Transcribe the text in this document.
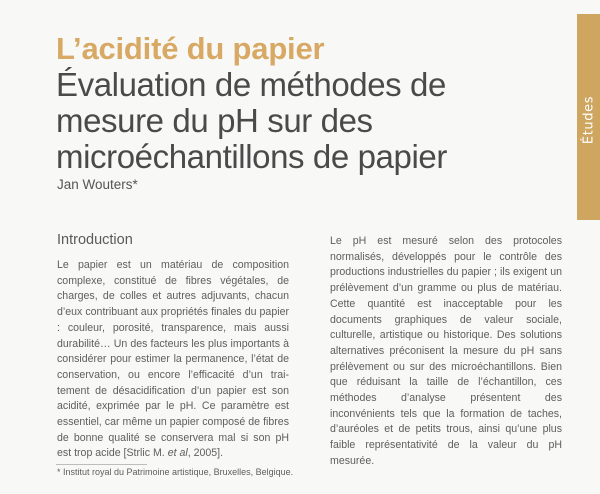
L’acidité du papier
Évaluation de méthodes de
mesure du pH sur des
microéchantillons de papier

Jan Wouters*

Introduction

Le papier est un matériau de composition complexe, constitué de fibres végétales, de charges, de colles et autres adjuvants, chacun d’eux contribuant aux propriétés finales du papier : couleur, porosité, transparence, mais aussi durabilité… Un des facteurs les plus importants à considérer pour estimer la permanence, l’état de conservation, ou encore l’efficacité d’un traitement de désacidification d’un papier est son acidité, exprimée par le pH. Ce paramètre est essentiel, car même un papier composé de fibres de bonne qualité se conservera mal si son pH est trop acide [Strlic M. et al, 2005].

Le pH est mesuré selon des protocoles normalisés, développés pour le contrôle des productions industrielles du papier ; ils exigent un prélèvement d’un gramme ou plus de matériau. Cette quantité est inacceptable pour les documents graphiques de valeur sociale, culturelle, artistique ou historique. Des solutions alternatives préconisent la mesure du pH sans prélèvement ou sur des microéchantillons. Bien que réduisant la taille de l’échantillon, ces méthodes d’analyse présentent des inconvénients tels que la formation de taches, d’auréoles et de petits trous, ainsi qu’une plus faible représentativité de la valeur du pH mesurée.

* Institut royal du Patrimoine artistique, Bruxelles, Belgique.

Études
